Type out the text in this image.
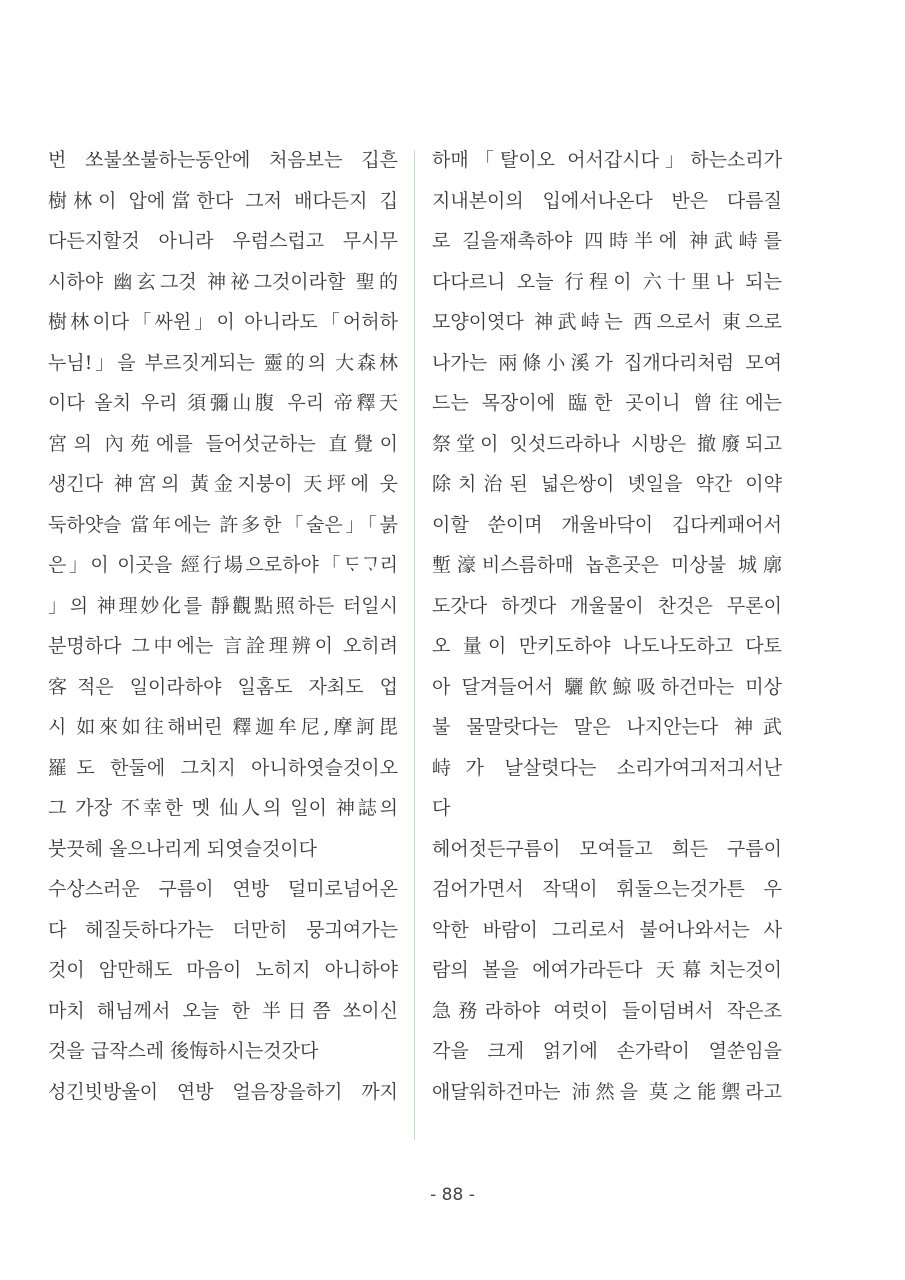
번 쏘불쏘불하는동안에 처음보는 깁흔
樹林이 압에當한다 그저 배다든지 깁
다든지할것 아니라 우럼스럽고 무시무
시하야 幽玄그것 神祕그것이라할 聖的
樹林이다「싸윈」이 아니라도「어허하
누님!」을 부르짓게되는 靈的의 大森林
이다 올치 우리 須彌山腹 우리 帝釋天
宮의 內苑에를 들어섯군하는 直覺이
생긴다 神宮의 黃金지붕이 天坪에 웃
둑하얏슬 當年에는 許多한「술은」「붉
은」이 이곳을 經行場으로하야「ᄃᆞᄀᆞ리
」의 神理妙化를 靜觀點照하든 터일시
분명하다 그中에는 言詮理辨이 오히려
客적은 일이라하야 일홈도 자최도 업
시 如來如往해버린 釋迦牟尼,摩訶毘
羅도 한둘에 그치지 아니하엿슬것이오
그 가장 不幸한 멧 仙人의 일이 神誌의
붓끗헤 올으나리게 되엿슬것이다
수상스러운 구름이 연방 덜미로넘어온
다 헤질듯하다가는 더만히 뭉긔여가는
것이 암만해도 마음이 노히지 아니하야
마치 해님께서 오늘 한 半日쯤 쏘이신
것을 급작스레 後悔하시는것갓다
성긴빗방울이 연방 얼음장을하기 까지
하매「탈이오 어서갑시다」하는소리가
지내본이의 입에서나온다 반은 다름질
로 길을재촉하야 四時半에 神武峙를
다다르니 오늘 行程이 六十里나 되는
모양이엿다 神武峙는 西으로서 東으로
나가는 兩條小溪가 집개다리처럼 모여
드는 목장이에 臨한 곳이니 曾往에는
祭堂이 잇섯드라하나 시방은 撤廢되고
除치治된 넓은쌍이 녯일을 약간 이약
이할 쑨이며 개울바닥이 깁다케패어서
塹濠비스름하매 놉흔곳은 미상불 城廓
도갓다 하겟다 개울물이 찬것은 무론이
오 量이 만키도하야 나도나도하고 다토
아 달겨들어서 驪飮鯨吸하건마는 미상
불 물말랏다는 말은 나지안는다 神武
峙가 날살렷다는 소리가여긔저긔서난
다
헤어젓든구름이 모여들고 희든 구름이
검어가면서 작댁이 휘둘으는것가튼 우
악한 바람이 그리로서 불어나와서는 사
람의 볼을 에여가라든다 天幕치는것이
急務라하야 여럿이 들이덤벼서 작은조
각을 크게 얽기에 손가락이 열쑨임을
애달워하건마는 沛然을 莫之能禦라고
- 88 -
